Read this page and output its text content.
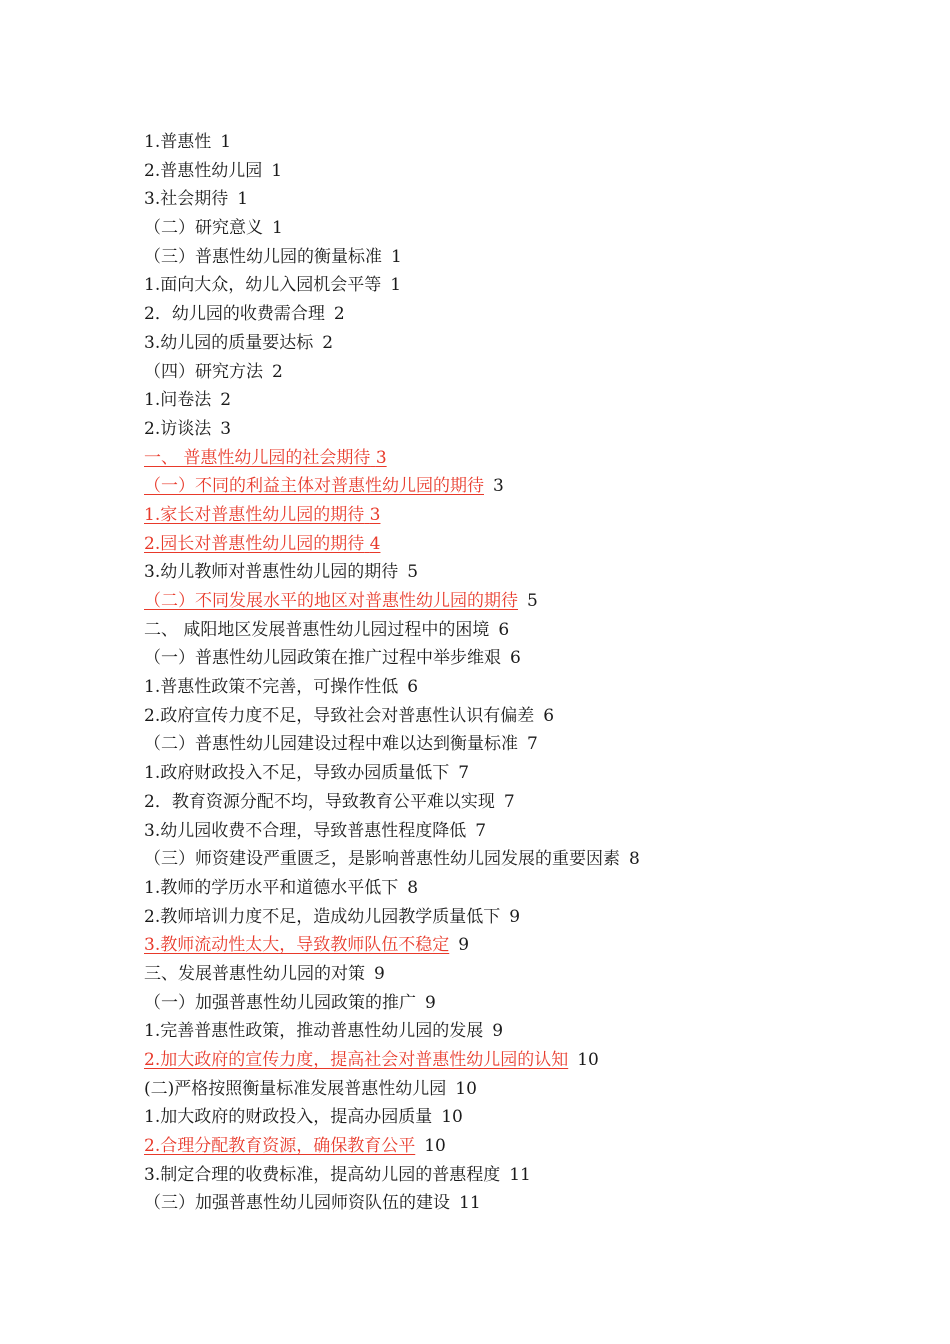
1.普惠性 1
2.普惠性幼儿园 1
3.社会期待 1
（二）研究意义 1
（三）普惠性幼儿园的衡量标准 1
1.面向大众，幼儿入园机会平等 1
2．幼儿园的收费需合理 2
3.幼儿园的质量要达标 2
（四）研究方法 2
1.问卷法 2
2.访谈法 3
一、 普惠性幼儿园的社会期待 3
（一）不同的利益主体对普惠性幼儿园的期待 3
1.家长对普惠性幼儿园的期待 3
2.园长对普惠性幼儿园的期待 4
3.幼儿教师对普惠性幼儿园的期待 5
（二）不同发展水平的地区对普惠性幼儿园的期待 5
二、 咸阳地区发展普惠性幼儿园过程中的困境 6
（一）普惠性幼儿园政策在推广过程中举步维艰 6
1.普惠性政策不完善，可操作性低 6
2.政府宣传力度不足，导致社会对普惠性认识有偏差 6
（二）普惠性幼儿园建设过程中难以达到衡量标准 7
1.政府财政投入不足，导致办园质量低下 7
2．教育资源分配不均，导致教育公平难以实现 7
3.幼儿园收费不合理，导致普惠性程度降低 7
（三）师资建设严重匮乏，是影响普惠性幼儿园发展的重要因素 8
1.教师的学历水平和道德水平低下 8
2.教师培训力度不足，造成幼儿园教学质量低下 9
3.教师流动性太大，导致教师队伍不稳定 9
三、发展普惠性幼儿园的对策 9
（一）加强普惠性幼儿园政策的推广 9
1.完善普惠性政策，推动普惠性幼儿园的发展 9
2.加大政府的宣传力度，提高社会对普惠性幼儿园的认知 10
(二)严格按照衡量标准发展普惠性幼儿园 10
1.加大政府的财政投入，提高办园质量 10
2.合理分配教育资源，确保教育公平 10
3.制定合理的收费标准，提高幼儿园的普惠程度 11
（三）加强普惠性幼儿园师资队伍的建设 11
